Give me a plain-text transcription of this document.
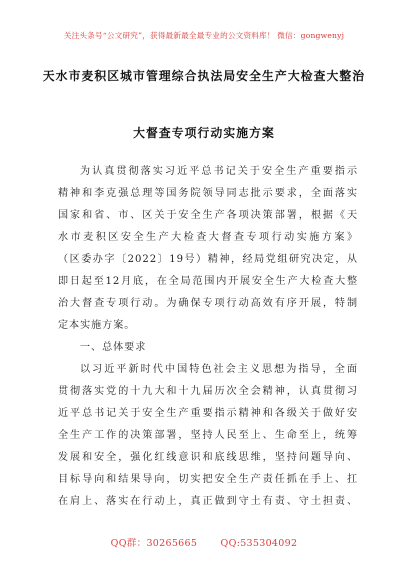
关注头条号“公文研究”，获得最新最全最专业的公文资料库！ 微信：gongwenyj
天水市麦积区城市管理综合执法局安全生产大检查大整治
大督查专项行动实施方案
为认真贯彻落实习近平总书记关于安全生产重要指示
精神和李克强总理等国务院领导同志批示要求，全面落实
国家和省、市、区关于安全生产各项决策部署，根据《天
水市麦积区安全生产大检查大督查专项行动实施方案》
（区委办字〔2022〕19号）精神，经局党组研究决定，从
即日起至12月底，在全局范围内开展安全生产大检查大整
治大督查专项行动。为确保专项行动高效有序开展，特制
定本实施方案。
一、总体要求
以习近平新时代中国特色社会主义思想为指导，全面
贯彻落实党的十九大和十九届历次全会精神，认真贯彻习
近平总书记关于安全生产重要指示精神和各级关于做好安
全生产工作的决策部署，坚持人民至上、生命至上，统筹
发展和安全，强化红线意识和底线思维，坚持问题导向、
目标导向和结果导向，切实把安全生产责任抓在手上、扛
在肩上、落实在行动上，真正做到守土有责、守土担责、
QQ群：30265665 QQ:535304092
